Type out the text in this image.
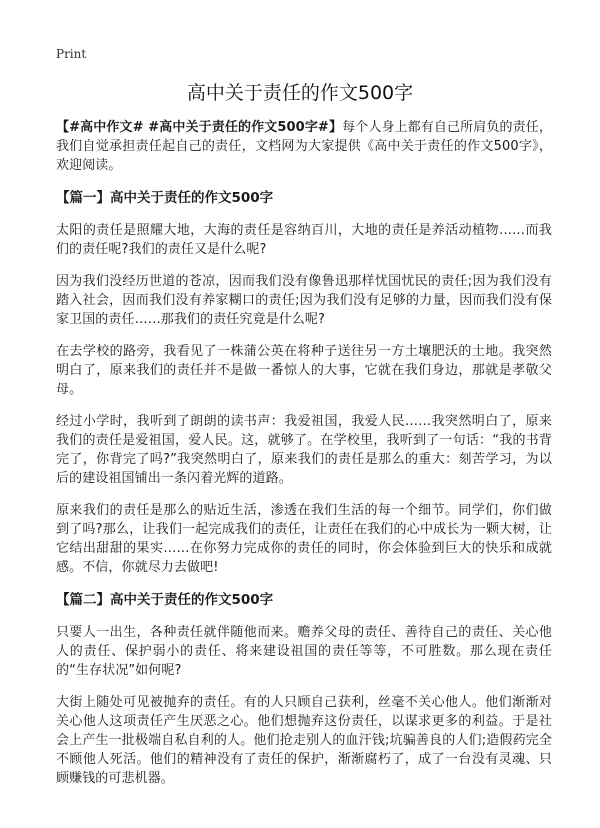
Print
高中关于责任的作文500字

【#高中作文# #高中关于责任的作文500字#】每个人身上都有自己所肩负的责任，我们自觉承担责任起自己的责任，文档网为大家提供《高中关于责任的作文500字》，欢迎阅读。

【篇一】高中关于责任的作文500字

太阳的责任是照耀大地，大海的责任是容纳百川，大地的责任是养活动植物……而我们的责任呢?我们的责任又是什么呢?

因为我们没经历世道的苍凉，因而我们没有像鲁迅那样忧国忧民的责任;因为我们没有踏入社会，因而我们没有养家糊口的责任;因为我们没有足够的力量，因而我们没有保家卫国的责任……那我们的责任究竟是什么呢?

在去学校的路旁，我看见了一株蒲公英在将种子送往另一方土壤肥沃的土地。我突然明白了，原来我们的责任并不是做一番惊人的大事，它就在我们身边，那就是孝敬父母。

经过小学时，我听到了朗朗的读书声：我爱祖国，我爱人民……我突然明白了，原来我们的责任是爱祖国，爱人民。这，就够了。在学校里，我听到了一句话：“我的书背完了，你背完了吗?”我突然明白了，原来我们的责任是那么的重大：刻苦学习，为以后的建设祖国铺出一条闪着光辉的道路。

原来我们的责任是那么的贴近生活，渗透在我们生活的每一个细节。同学们，你们做到了吗?那么，让我们一起完成我们的责任，让责任在我们的心中成长为一颗大树，让它结出甜甜的果实……在你努力完成你的责任的同时，你会体验到巨大的快乐和成就感。不信，你就尽力去做吧!

【篇二】高中关于责任的作文500字

只要人一出生，各种责任就伴随他而来。赡养父母的责任、善待自己的责任、关心他人的责任、保护弱小的责任、将来建设祖国的责任等等，不可胜数。那么现在责任的“生存状况”如何呢?

大街上随处可见被抛弃的责任。有的人只顾自己获利，丝毫不关心他人。他们渐渐对关心他人这项责任产生厌恶之心。他们想抛弃这份责任，以谋求更多的利益。于是社会上产生一批极端自私自利的人。他们抢走别人的血汗钱;坑骗善良的人们;造假药完全不顾他人死活。他们的精神没有了责任的保护，渐渐腐朽了，成了一台没有灵魂、只顾赚钱的可悲机器。
